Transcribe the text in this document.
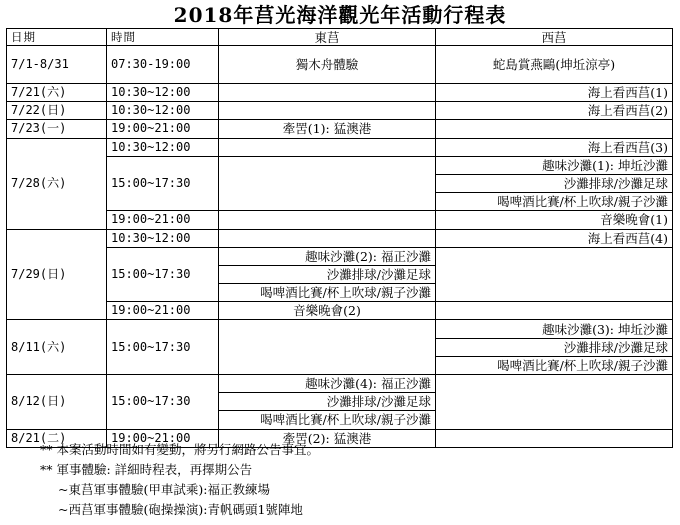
2018年莒光海洋觀光年活動行程表
日期	時間	東莒	西莒
7/1-8/31	07:30-19:00	獨木舟體驗	蛇島賞燕鷗(坤坵涼亭)
7/21(六)	10:30~12:00		海上看西莒(1)
7/22(日)	10:30~12:00		海上看西莒(2)
7/23(一)	19:00~21:00	牽罟(1): 猛澳港	
7/28(六)	10:30~12:00		海上看西莒(3)
	15:00~17:30		趣味沙灘(1): 坤坵沙灘
			沙灘排球/沙灘足球
			喝啤酒比賽/杯上吹球/親子沙灘
	19:00~21:00		音樂晚會(1)
7/29(日)	10:30~12:00		海上看西莒(4)
	15:00~17:30	趣味沙灘(2): 福正沙灘	
		沙灘排球/沙灘足球	
		喝啤酒比賽/杯上吹球/親子沙灘	
	19:00~21:00	音樂晚會(2)	
8/11(六)	15:00~17:30		趣味沙灘(3): 坤坵沙灘
			沙灘排球/沙灘足球
			喝啤酒比賽/杯上吹球/親子沙灘
8/12(日)	15:00~17:30	趣味沙灘(4): 福正沙灘	
		沙灘排球/沙灘足球	
		喝啤酒比賽/杯上吹球/親子沙灘	
8/21(二)	19:00~21:00	牽罟(2): 猛澳港	
** 本案活動時間如有變動，將另行網路公告事宜。
** 軍事體驗: 詳細時程表，再擇期公告
~東莒軍事體驗(甲車試乘):福正教練場
~西莒軍事體驗(砲操操演):青帆碼頭1號陣地
